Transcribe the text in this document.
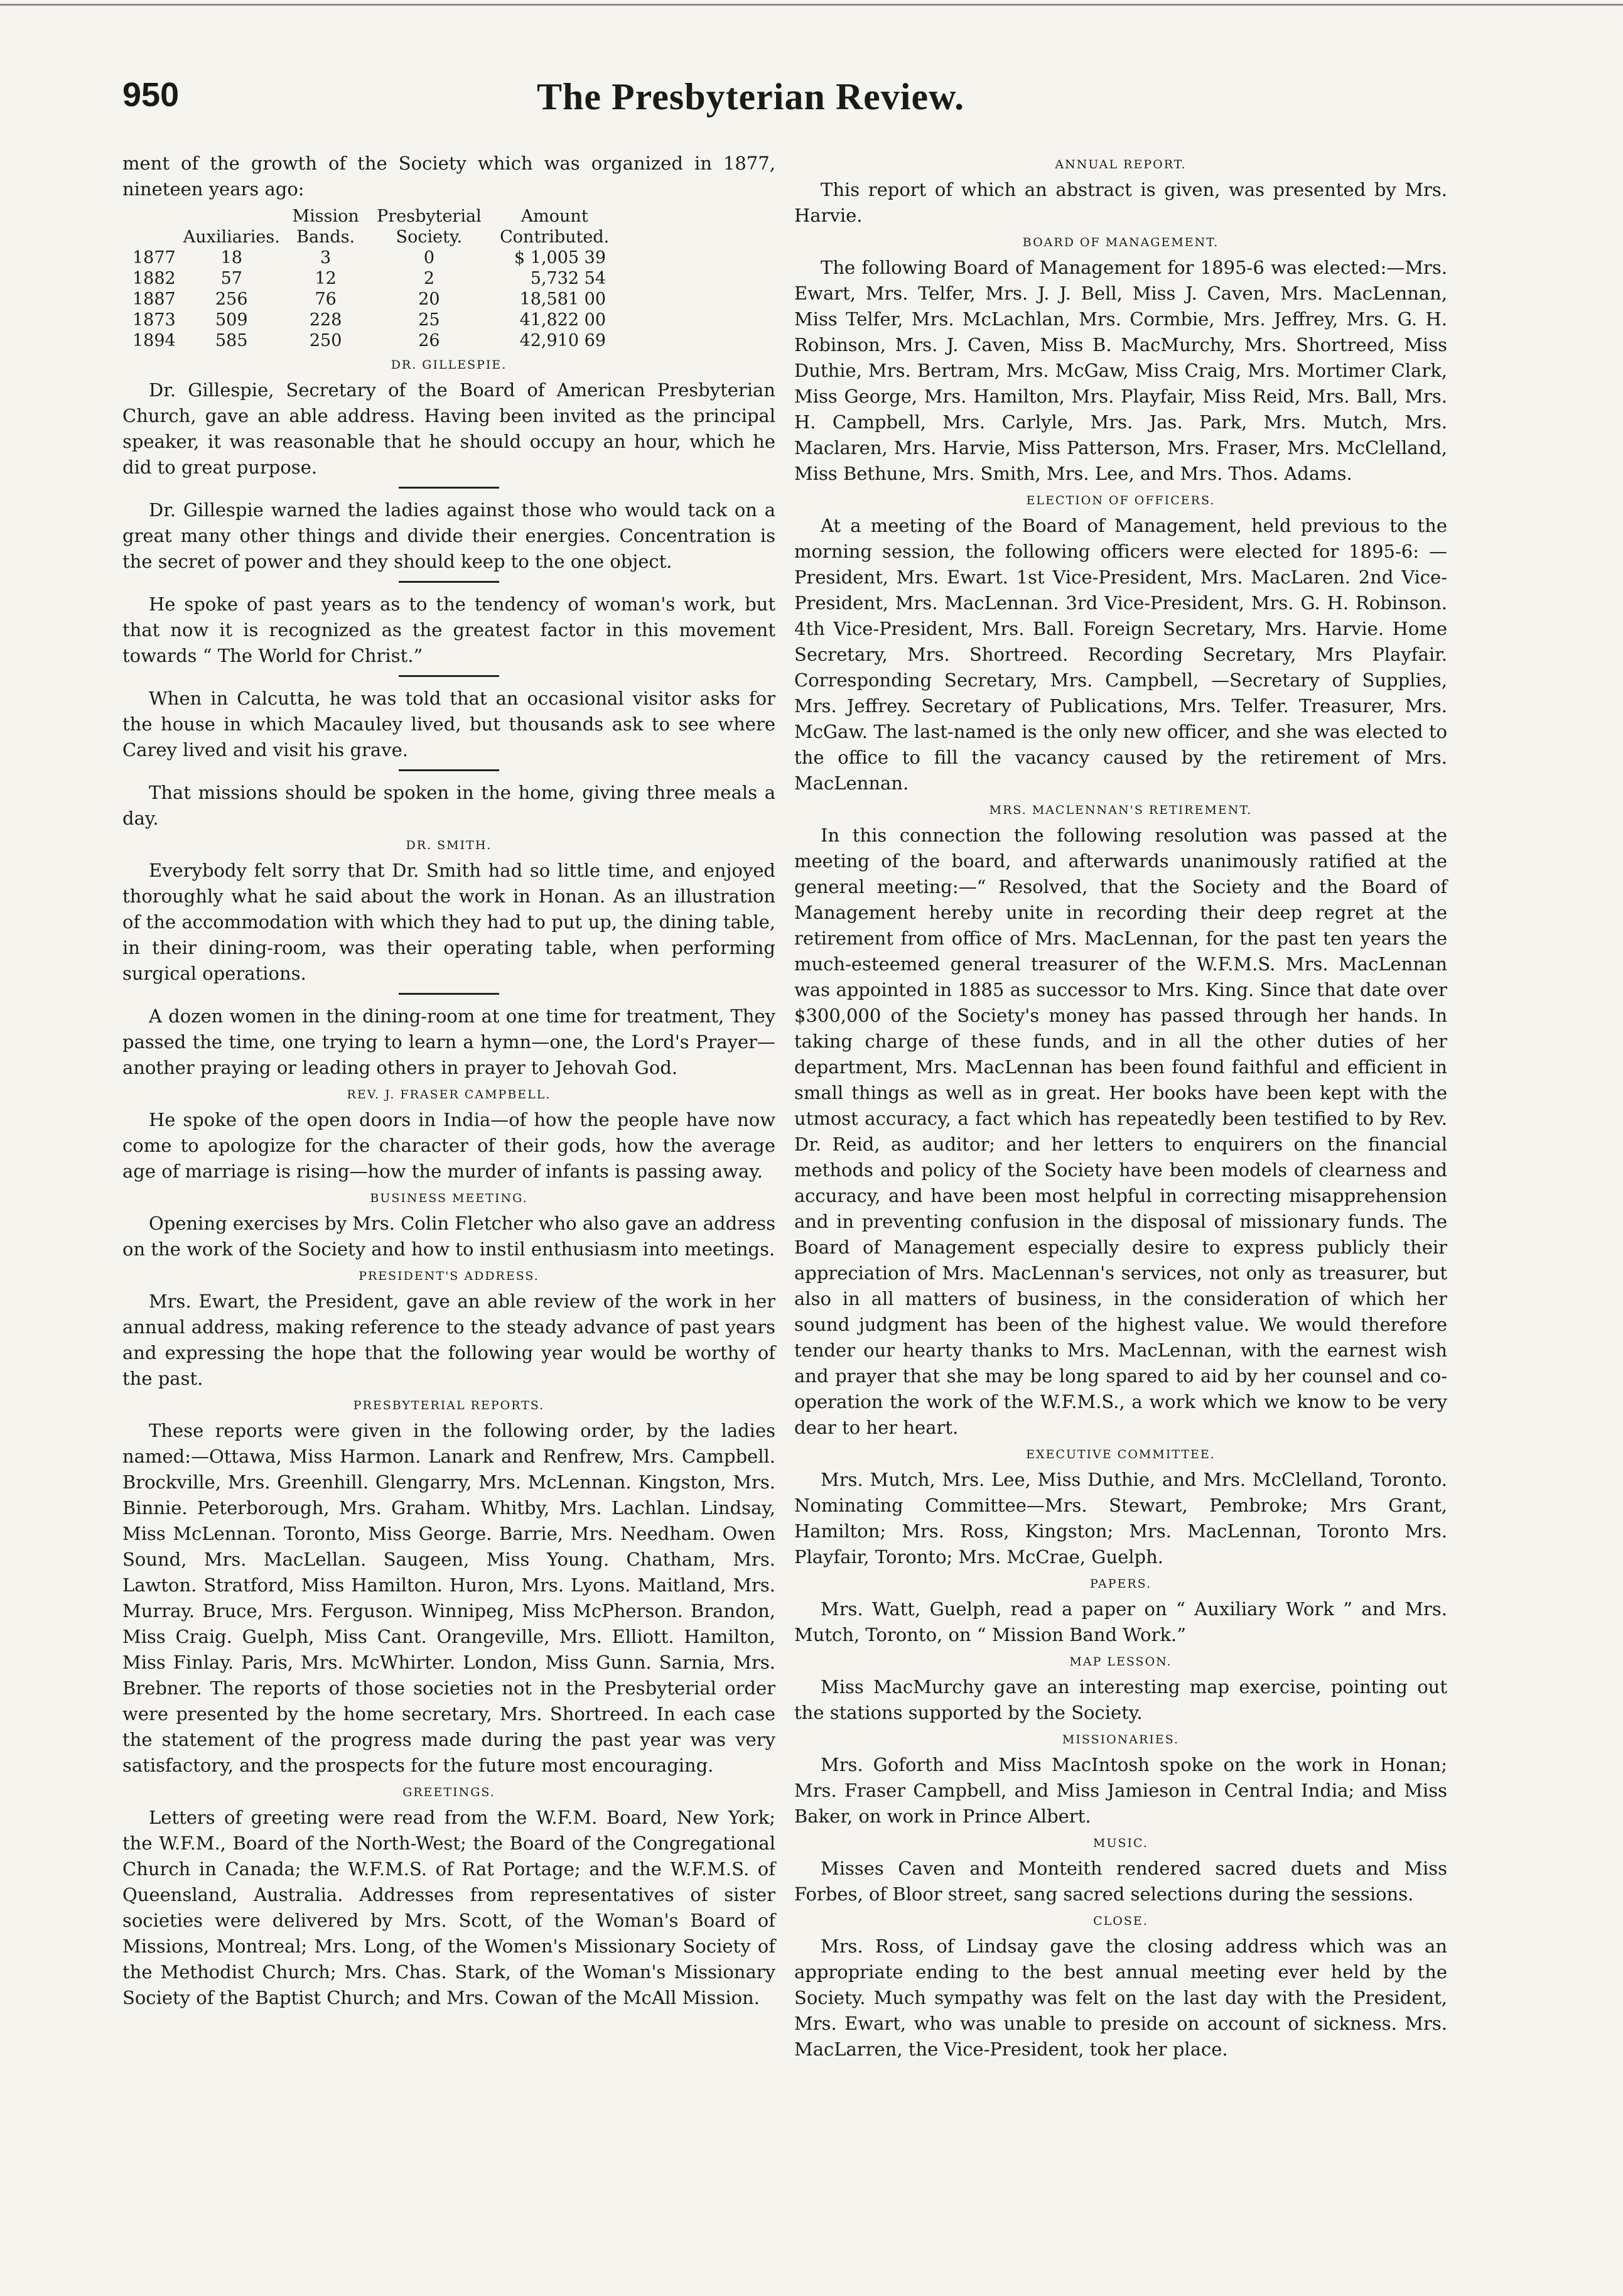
950	The Presbyterian Review.

ment of the growth of the Society which was organized in 1877, nineteen years ago:

	Auxiliaries.	Mission Bands.	Presbyterial Society.	Amount Contributed.
1877	18	3	0	$ 1,005 39
1882	57	12	2	5,732 54
1887	256	76	20	18,581 00
1873	509	228	25	41,822 00
1894	585	250	26	42,910 69
DR. GILLESPIE.

Dr. Gillespie, Secretary of the Board of American Presbyterian Church, gave an able address. Having been invited as the principal speaker, it was reasonable that he should occupy an hour, which he did to great purpose.

Dr. Gillespie warned the ladies against those who would tack on a great many other things and divide their energies. Concentration is the secret of power and they should keep to the one object.

He spoke of past years as to the tendency of woman's work, but that now it is recognized as the greatest factor in this movement towards “ The World for Christ.”

When in Calcutta, he was told that an occasional visitor asks for the house in which Macauley lived, but thousands ask to see where Carey lived and visit his grave.

That missions should be spoken in the home, giving three meals a day.

DR. SMITH.

Everybody felt sorry that Dr. Smith had so little time, and enjoyed thoroughly what he said about the work in Honan. As an illustration of the accommodation with which they had to put up, the dining table, in their dining-room, was their operating table, when performing surgical operations.

A dozen women in the dining-room at one time for treatment, They passed the time, one trying to learn a hymn—one, the Lord's Prayer—another praying or leading others in prayer to Jehovah God.

REV. J. FRASER CAMPBELL.

He spoke of the open doors in India—of how the people have now come to apologize for the character of their gods, how the average age of marriage is rising—how the murder of infants is passing away.

BUSINESS MEETING.

Opening exercises by Mrs. Colin Fletcher who also gave an address on the work of the Society and how to instil enthusiasm into meetings.

PRESIDENT'S ADDRESS.

Mrs. Ewart, the President, gave an able review of the work in her annual address, making reference to the steady advance of past years and expressing the hope that the following year would be worthy of the past.

PRESBYTERIAL REPORTS.

These reports were given in the following order, by the ladies named:—Ottawa, Miss Harmon. Lanark and Renfrew, Mrs. Campbell. Brockville, Mrs. Greenhill. Glengarry, Mrs. McLennan. Kingston, Mrs. Binnie. Peterborough, Mrs. Graham. Whitby, Mrs. Lachlan. Lindsay, Miss McLennan. Toronto, Miss George. Barrie, Mrs. Needham. Owen Sound, Mrs. MacLellan. Saugeen, Miss Young. Chatham, Mrs. Lawton. Stratford, Miss Hamilton. Huron, Mrs. Lyons. Maitland, Mrs. Murray. Bruce, Mrs. Ferguson. Winnipeg, Miss McPherson. Brandon, Miss Craig. Guelph, Miss Cant. Orangeville, Mrs. Elliott. Hamilton, Miss Finlay. Paris, Mrs. McWhirter. London, Miss Gunn. Sarnia, Mrs. Brebner. The reports of those societies not in the Presbyterial order were presented by the home secretary, Mrs. Shortreed. In each case the statement of the progress made during the past year was very satisfactory, and the prospects for the future most encouraging.

GREETINGS.

Letters of greeting were read from the W.F.M. Board, New York; the W.F.M., Board of the North-West; the Board of the Congregational Church in Canada; the W.F.M.S. of Rat Portage; and the W.F.M.S. of Queensland, Australia. Addresses from representatives of sister societies were delivered by Mrs. Scott, of the Woman's Board of Missions, Montreal; Mrs. Long, of the Women's Missionary Society of the Methodist Church; Mrs. Chas. Stark, of the Woman's Missionary Society of the Baptist Church; and Mrs. Cowan of the McAll Mission.

ANNUAL REPORT.

This report of which an abstract is given, was presented by Mrs. Harvie.

BOARD OF MANAGEMENT.

The following Board of Management for 1895-6 was elected:—Mrs. Ewart, Mrs. Telfer, Mrs. J. J. Bell, Miss J. Caven, Mrs. MacLennan, Miss Telfer, Mrs. McLachlan, Mrs. Cormbie, Mrs. Jeffrey, Mrs. G. H. Robinson, Mrs. J. Caven, Miss B. MacMurchy, Mrs. Shortreed, Miss Duthie, Mrs. Bertram, Mrs. McGaw, Miss Craig, Mrs. Mortimer Clark, Miss George, Mrs. Hamilton, Mrs. Playfair, Miss Reid, Mrs. Ball, Mrs. H. Campbell, Mrs. Carlyle, Mrs. Jas. Park, Mrs. Mutch, Mrs. Maclaren, Mrs. Harvie, Miss Patterson, Mrs. Fraser, Mrs. McClelland, Miss Bethune, Mrs. Smith, Mrs. Lee, and Mrs. Thos. Adams.

ELECTION OF OFFICERS.

At a meeting of the Board of Management, held previous to the morning session, the following officers were elected for 1895-6: —President, Mrs. Ewart. 1st Vice-President, Mrs. MacLaren. 2nd Vice-President, Mrs. MacLennan. 3rd Vice-President, Mrs. G. H. Robinson. 4th Vice-President, Mrs. Ball. Foreign Secretary, Mrs. Harvie. Home Secretary, Mrs. Shortreed. Recording Secretary, Mrs Playfair. Corresponding Secretary, Mrs. Campbell, —Secretary of Supplies, Mrs. Jeffrey. Secretary of Publications, Mrs. Telfer. Treasurer, Mrs. McGaw. The last-named is the only new officer, and she was elected to the office to fill the vacancy caused by the retirement of Mrs. MacLennan.

MRS. MACLENNAN'S RETIREMENT.

In this connection the following resolution was passed at the meeting of the board, and afterwards unanimously ratified at the general meeting:—“ Resolved, that the Society and the Board of Management hereby unite in recording their deep regret at the retirement from office of Mrs. MacLennan, for the past ten years the much-esteemed general treasurer of the W.F.M.S. Mrs. MacLennan was appointed in 1885 as successor to Mrs. King. Since that date over $300,000 of the Society's money has passed through her hands. In taking charge of these funds, and in all the other duties of her department, Mrs. MacLennan has been found faithful and efficient in small things as well as in great. Her books have been kept with the utmost accuracy, a fact which has repeatedly been testified to by Rev. Dr. Reid, as auditor; and her letters to enquirers on the financial methods and policy of the Society have been models of clearness and accuracy, and have been most helpful in correcting misapprehension and in preventing confusion in the disposal of missionary funds. The Board of Management especially desire to express publicly their appreciation of Mrs. MacLennan's services, not only as treasurer, but also in all matters of business, in the consideration of which her sound judgment has been of the highest value. We would therefore tender our hearty thanks to Mrs. MacLennan, with the earnest wish and prayer that she may be long spared to aid by her counsel and co-operation the work of the W.F.M.S., a work which we know to be very dear to her heart.

EXECUTIVE COMMITTEE.

Mrs. Mutch, Mrs. Lee, Miss Duthie, and Mrs. McClelland, Toronto. Nominating Committee—Mrs. Stewart, Pembroke; Mrs Grant, Hamilton; Mrs. Ross, Kingston; Mrs. MacLennan, Toronto Mrs. Playfair, Toronto; Mrs. McCrae, Guelph.

PAPERS.

Mrs. Watt, Guelph, read a paper on “ Auxiliary Work ” and Mrs. Mutch, Toronto, on “ Mission Band Work.”

MAP LESSON.

Miss MacMurchy gave an interesting map exercise, pointing out the stations supported by the Society.

MISSIONARIES.

Mrs. Goforth and Miss MacIntosh spoke on the work in Honan; Mrs. Fraser Campbell, and Miss Jamieson in Central India; and Miss Baker, on work in Prince Albert.

MUSIC.

Misses Caven and Monteith rendered sacred duets and Miss Forbes, of Bloor street, sang sacred selections during the sessions.

CLOSE.

Mrs. Ross, of Lindsay gave the closing address which was an appropriate ending to the best annual meeting ever held by the Society. Much sympathy was felt on the last day with the President, Mrs. Ewart, who was unable to preside on account of sickness. Mrs. MacLarren, the Vice-President, took her place.
